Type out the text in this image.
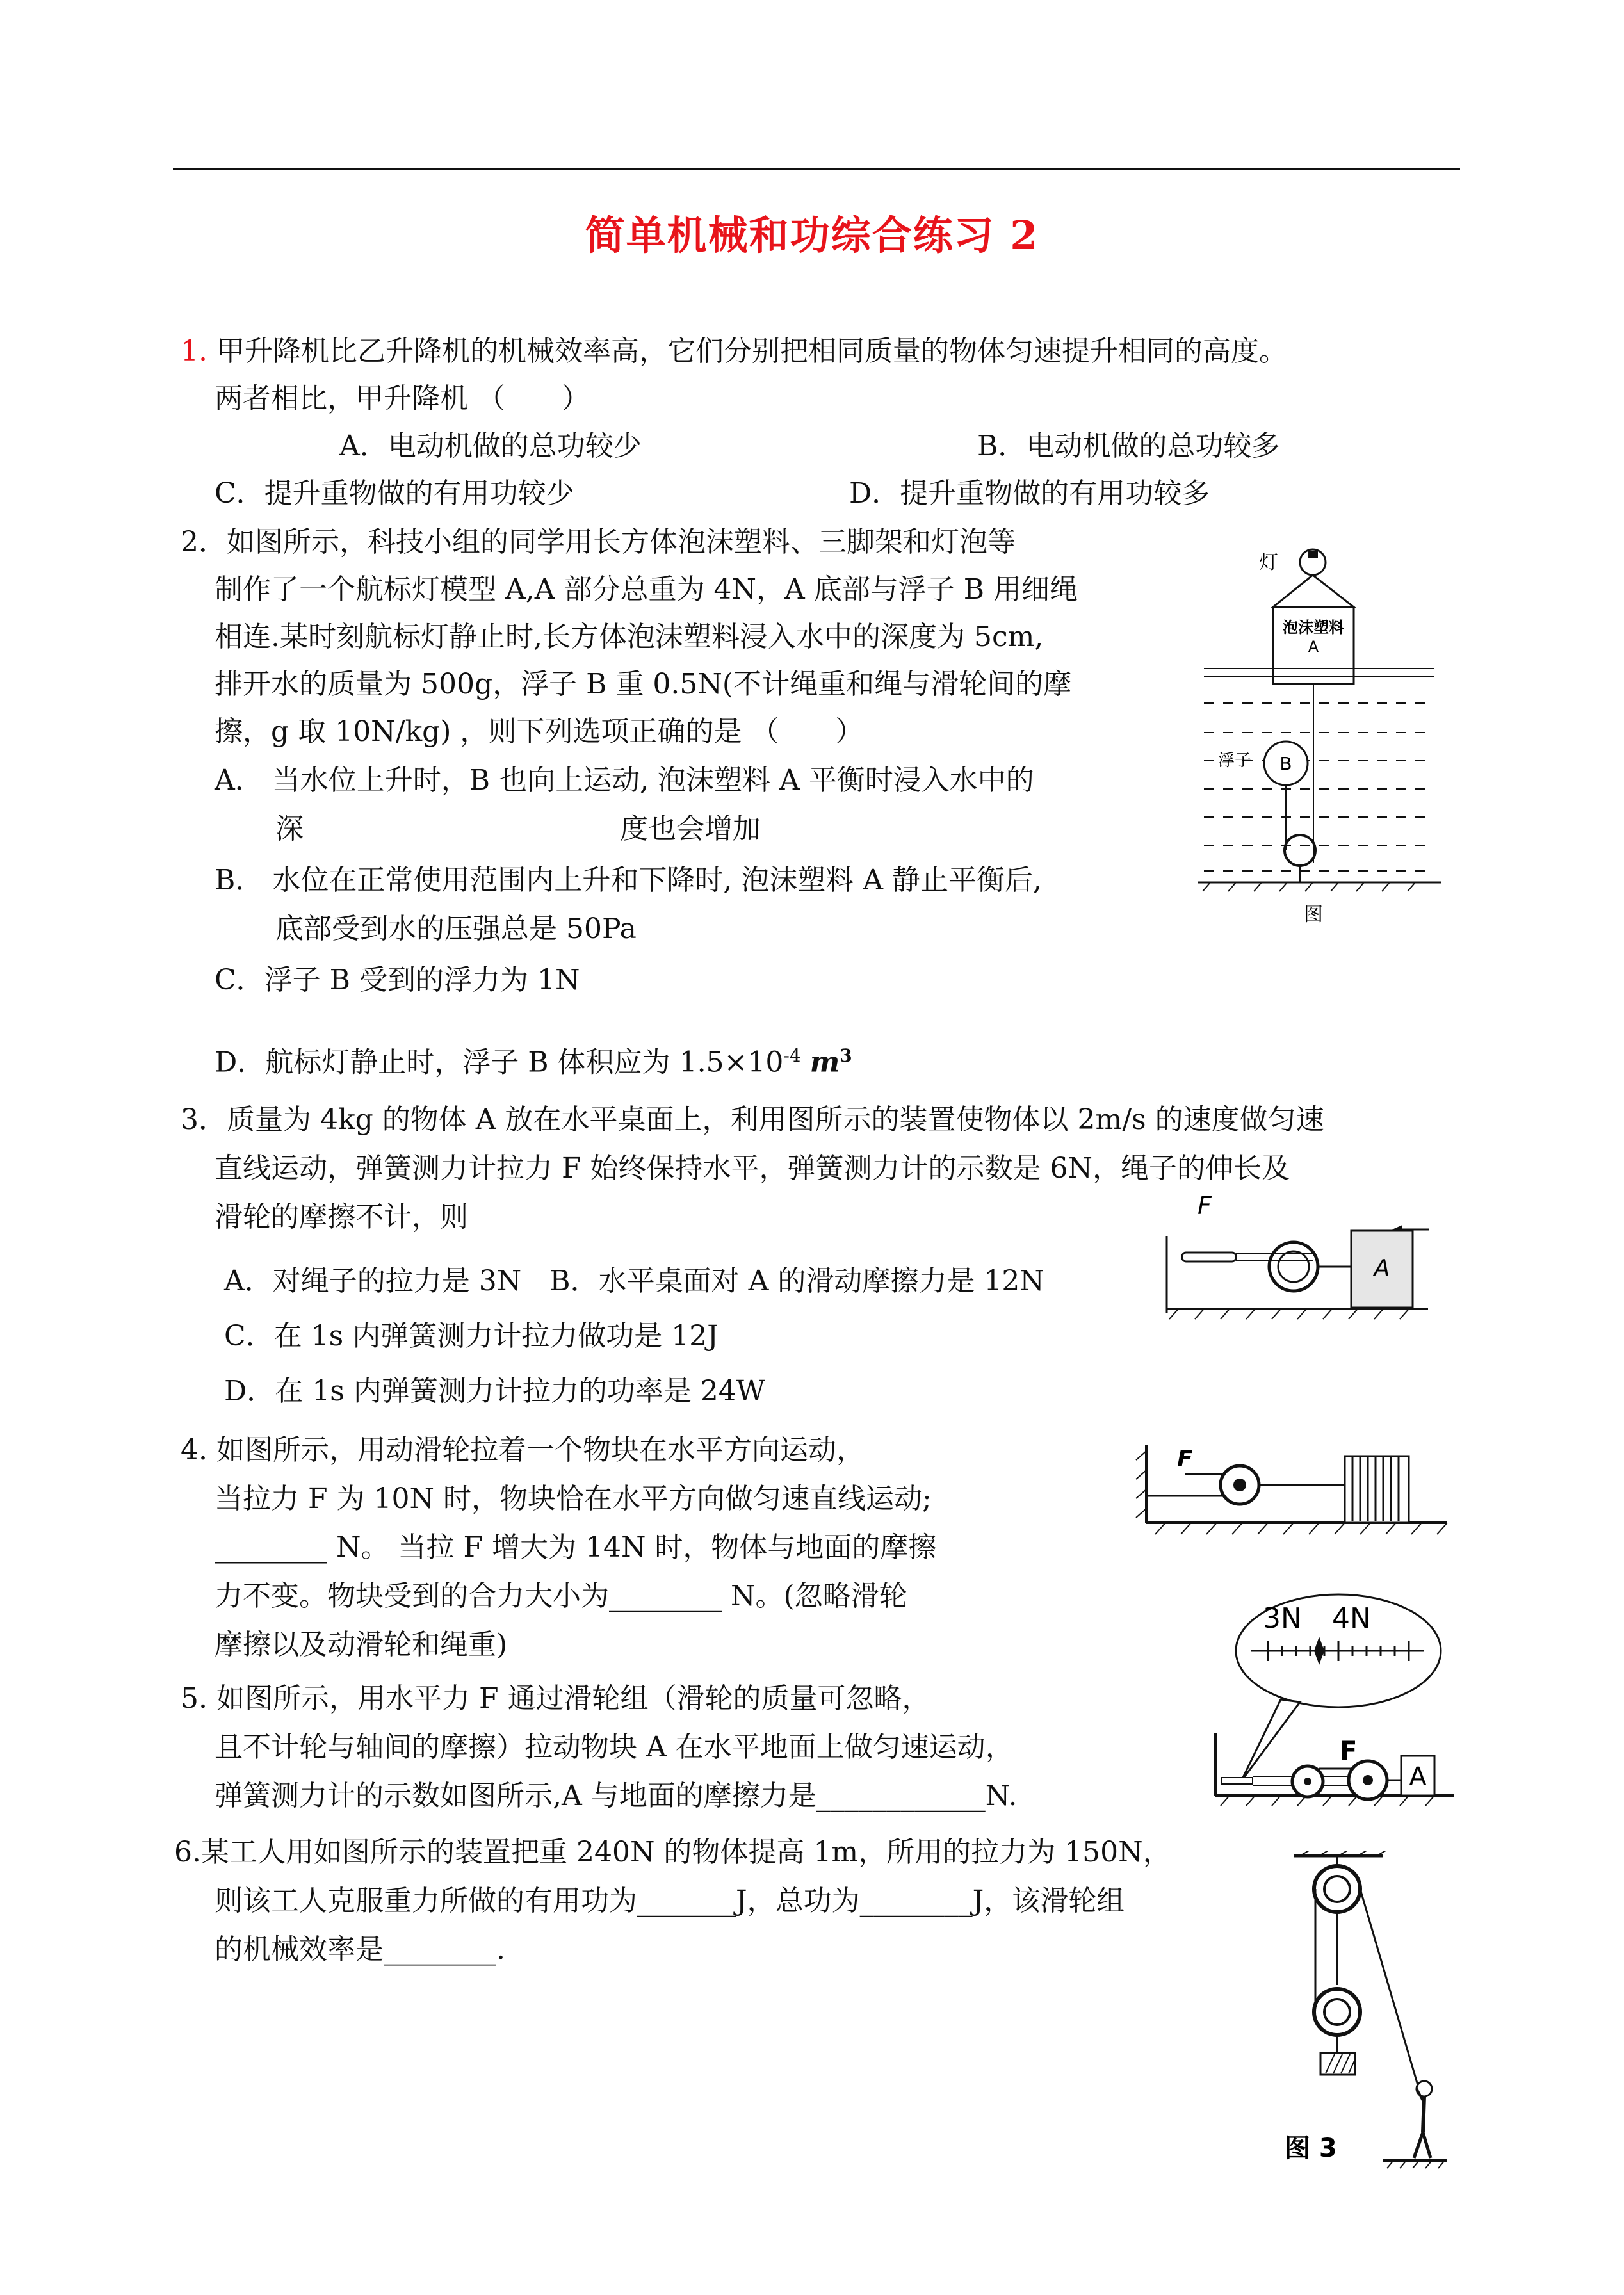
简单机械和功综合练习 2
1. 甲升降机比乙升降机的机械效率高，它们分别把相同质量的物体匀速提升相同的高度。
两者相比，甲升降机 （　　）
A．电动机做的总功较少	B．电动机做的总功较多
C．提升重物做的有用功较少	D．提升重物做的有用功较多
2．如图所示，科技小组的同学用长方体泡沫塑料、三脚架和灯泡等
制作了一个航标灯模型 A,A 部分总重为 4N，A 底部与浮子 B 用细绳
相连.某时刻航标灯静止时,长方体泡沫塑料浸入水中的深度为 5cm,
排开水的质量为 500g，浮子 B 重 0.5N(不计绳重和绳与滑轮间的摩
擦，g 取 10N/kg) ，则下列选项正确的是 （　　）
A． 当水位上升时，B 也向上运动, 泡沫塑料 A 平衡时浸入水中的
深	度也会增加
B． 水位在正常使用范围内上升和下降时, 泡沫塑料 A 静止平衡后,
底部受到水的压强总是 50Pa
C．浮子 B 受到的浮力为 1N
D．航标灯静止时，浮子 B 体积应为 $1.5\times 10^{-4}$ $m^3$
灯
泡沫塑料
A
浮子 B
图
3．质量为 4kg 的物体 A 放在水平桌面上，利用图所示的装置使物体以 2m/s 的速度做匀速
直线运动，弹簧测力计拉力 F 始终保持水平，弹簧测力计的示数是 6N，绳子的伸长及
滑轮的摩擦不计，则
A．对绳子的拉力是 3N　B．水平桌面对 A 的滑动摩擦力是 12N
C．在 1s 内弹簧测力计拉力做功是 12J
D．在 1s 内弹簧测力计拉力的功率是 24W
F
A
4. 如图所示，用动滑轮拉着一个物块在水平方向运动，
当拉力 F 为 10N 时，物块恰在水平方向做匀速直线运动;
________ N。 当拉 F 增大为 14N 时，物体与地面的摩擦
力不变。物块受到的合力大小为________ N。(忽略滑轮
摩擦以及动滑轮和绳重)
F
5. 如图所示，用水平力 F 通过滑轮组（滑轮的质量可忽略，
且不计轮与轴间的摩擦）拉动物块 A 在水平地面上做匀速运动，
弹簧测力计的示数如图所示,A 与地面的摩擦力是____________N.
3N 4N
F
A
6.某工人用如图所示的装置把重 240N 的物体提高 1m，所用的拉力为 150N，
则该工人克服重力所做的有用功为_______J，总功为________J，该滑轮组
的机械效率是________.
图 3
